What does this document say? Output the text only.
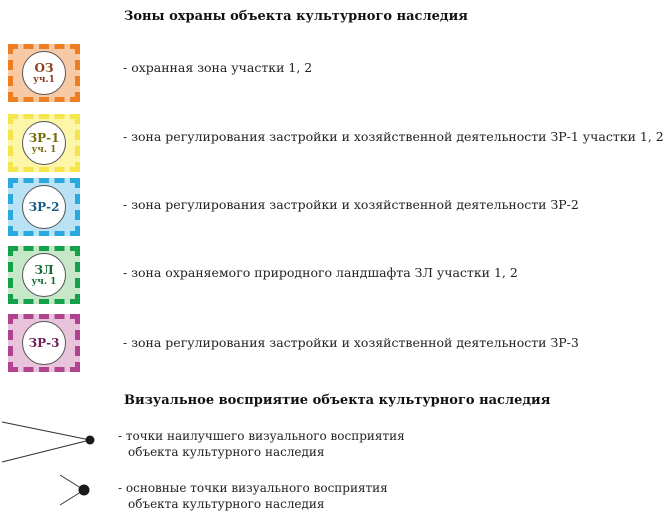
Зоны охраны объекта культурного наследия
ОЗ
уч.1
- охранная зона участки 1, 2
ЗР-1
уч. 1
- зона регулирования застройки и хозяйственной деятельности ЗР-1 участки 1, 2
ЗР-2	- зона регулирования застройки и хозяйственной деятельности ЗР-2
ЗЛ
уч. 1
- зона охраняемого природного ландшафта ЗЛ участки 1, 2
ЗР-3	- зона регулирования застройки и хозяйственной деятельности ЗР-3
Визуальное восприятие объекта культурного наследия
- точки наилучшего визуального восприятия
объекта культурного наследия
- основные точки визуального восприятия
объекта культурного наследия
